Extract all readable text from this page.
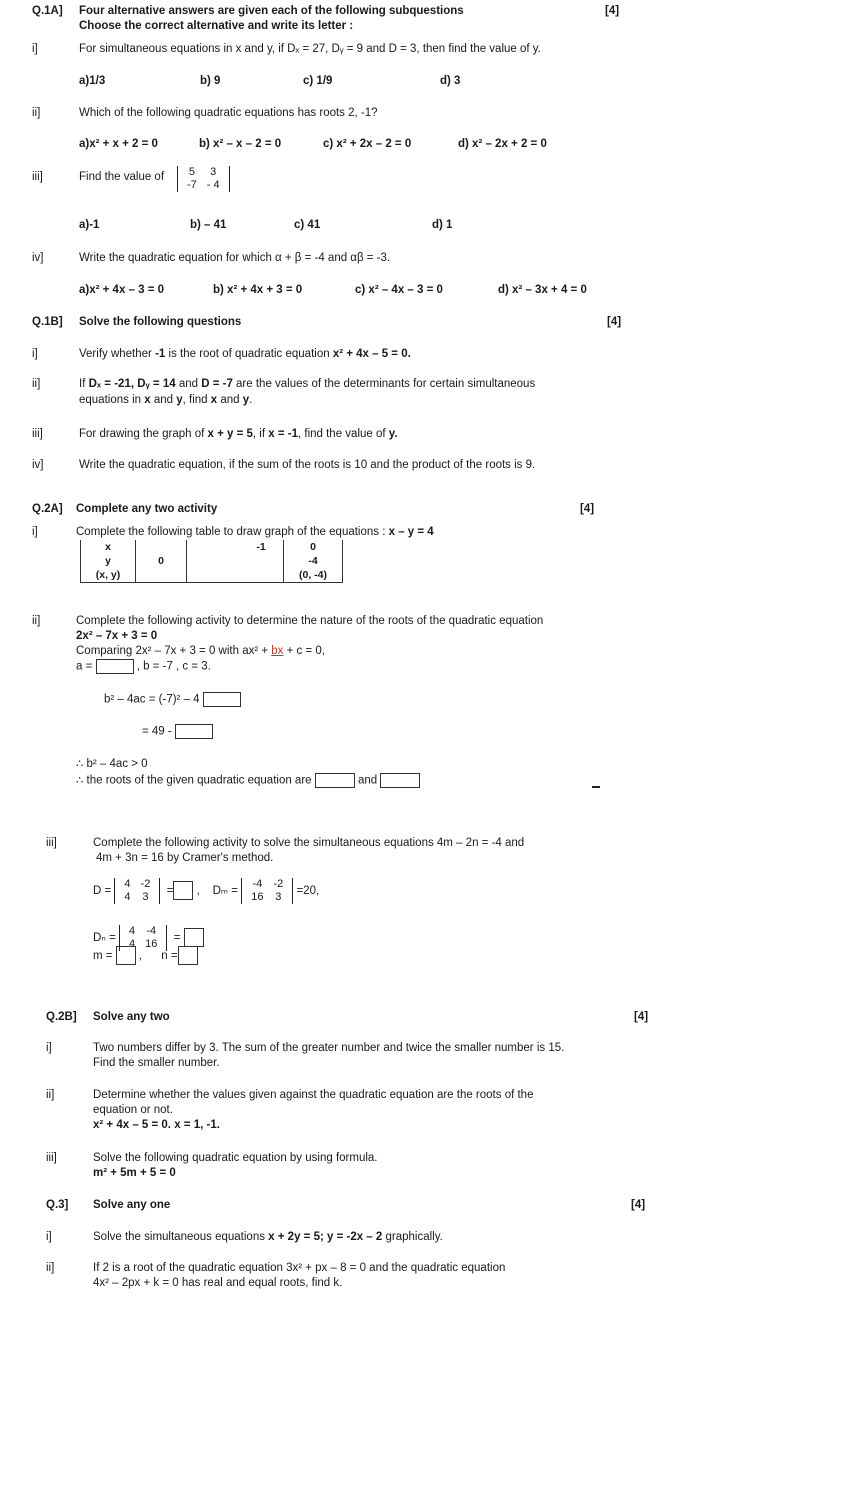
Q.1A] Four alternative answers are given each of the following subquestions	[4]
Choose the correct alternative and write its letter :
i]	For simultaneous equations in x and y, if Dₓ = 27, Dᵧ = 9 and D = 3, then find the value of y.
a)1/3	b) 9	c) 1/9	d) 3
ii]	Which of the following quadratic equations has roots 2, -1?
a)x² + x + 2 = 0	b) x² – x – 2 = 0	c) x² + 2x – 2 = 0	d) x² – 2x + 2 = 0
iii]	Find the value of 5	3
-7	- 4
a)-1	b) – 41	c) 41	d) 1
iv]	Write the quadratic equation for which α + β = -4 and αβ = -3.
a)x² + 4x – 3 = 0	b) x² + 4x + 3 = 0	c) x² – 4x – 3 = 0	d) x² – 3x + 4 = 0
Q.1B] Solve the following questions	[4]
i]	Verify whether -1 is the root of quadratic equation x² + 4x – 5 = 0.
ii]	If Dₓ = -21, Dᵧ = 14 and D = -7 are the values of the determinants for certain simultaneous
equations in x and y, find x and y.
iii]	For drawing the graph of x + y = 5, if x = -1, find the value of y.
iv]	Write the quadratic equation, if the sum of the roots is 10 and the product of the roots is 9.
Q.2A] Complete any two activity	[4]
i]	Complete the following table to draw graph of the equations : x – y = 4
x			-1	0
y	0			-4
(x, y)				(0, -4)
ii]	Complete the following activity to determine the nature of the roots of the quadratic equation
2x² – 7x + 3 = 0
Comparing 2x² – 7x + 3 = 0 with ax² + bx + c = 0,
a =	, b = -7 , c = 3.
b² – 4ac = (-7)² – 4
= 49 -
∴ b² – 4ac > 0
∴ the roots of the given quadratic equation are	and
iii]	Complete the following activity to solve the simultaneous equations 4m – 2n = -4 and
4m + 3n = 16 by Cramer's method.
D =
4	-2
4	3 = , Dₘ =
-4	-2
16	3 =20,
Dₙ =
4	-4
4	16 =
m = , n =
Q.2B] Solve any two	[4]
i]	Two numbers differ by 3. The sum of the greater number and twice the smaller number is 15.
Find the smaller number.
ii]	Determine whether the values given against the quadratic equation are the roots of the
equation or not.
x² + 4x – 5 = 0. x = 1, -1.
iii]	Solve the following quadratic equation by using formula.
m² + 5m + 5 = 0
Q.3] Solve any one	[4]
i]	Solve the simultaneous equations x + 2y = 5; y = -2x – 2 graphically.
ii]	If 2 is a root of the quadratic equation 3x² + px – 8 = 0 and the quadratic equation
4x² – 2px + k = 0 has real and equal roots, find k.
